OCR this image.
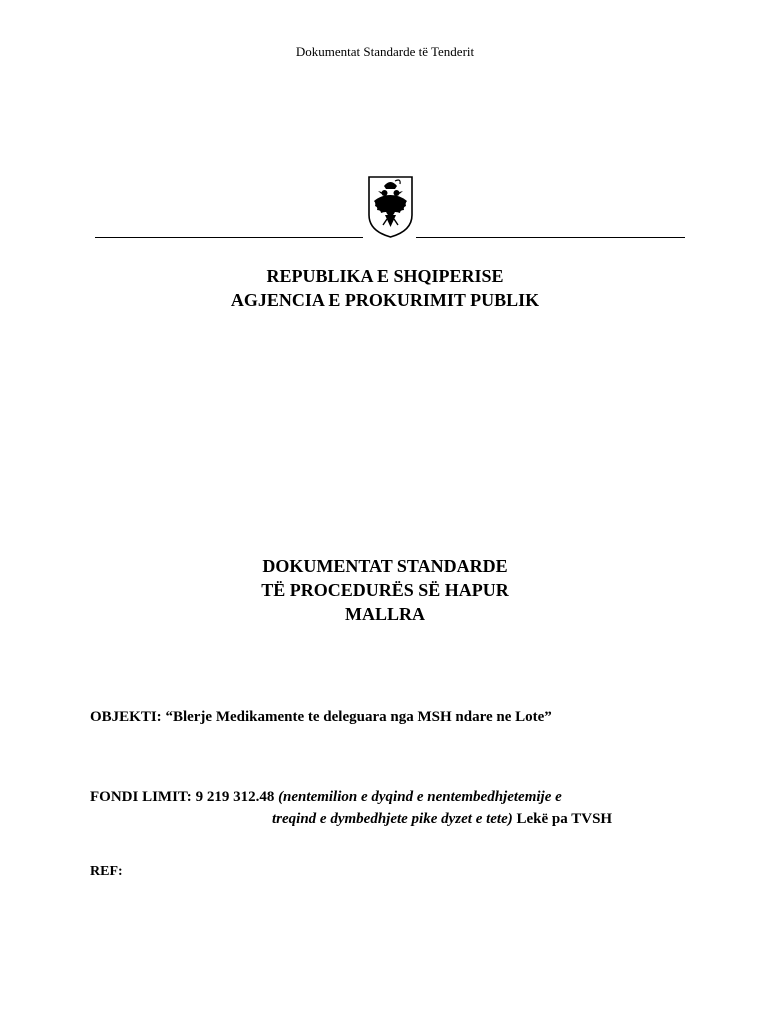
Dokumentat Standarde të Tenderit
REPUBLIKA E SHQIPERISE
AGJENCIA E PROKURIMIT PUBLIK
DOKUMENTAT STANDARDE
TË PROCEDURËS SË HAPUR
MALLRA
OBJEKTI: “Blerje Medikamente te deleguara nga MSH ndare ne Lote”
FONDI LIMIT: 9 219 312.48 (nentemilion e dyqind e nentembedhjetemije e
treqind e dymbedhjete pike dyzet e tete) Lekë pa TVSH
REF:
